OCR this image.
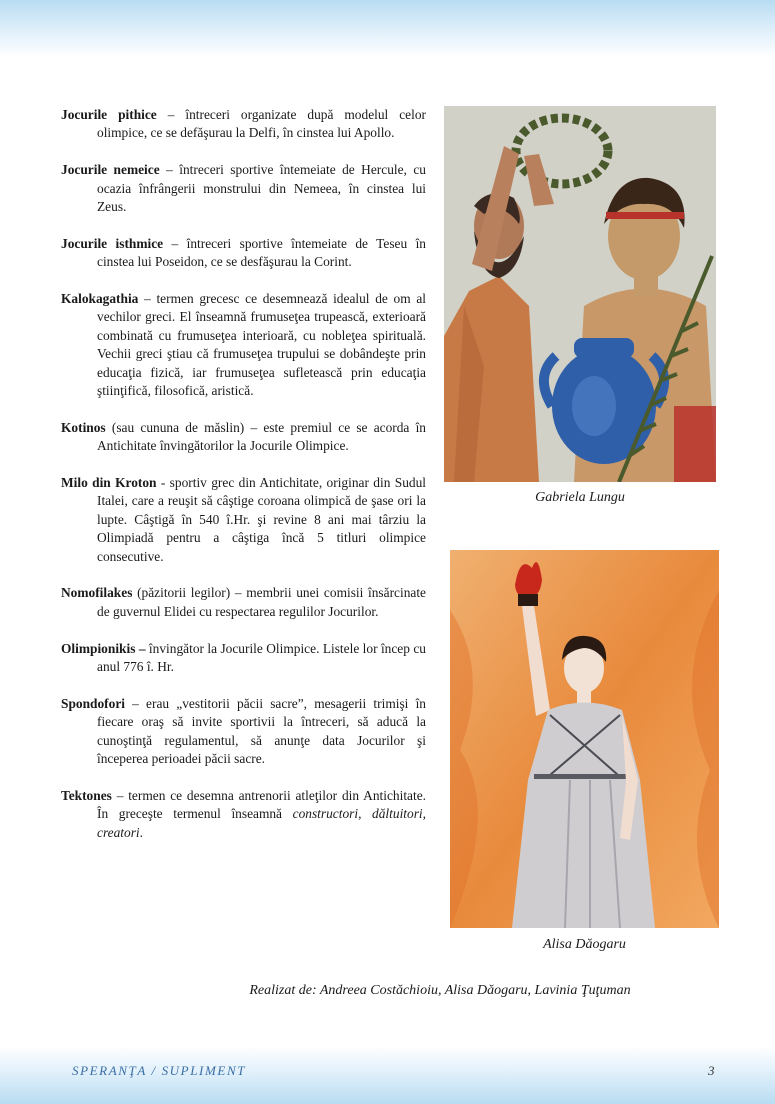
Jocurile pithice – întreceri organizate după modelul celor olimpice, ce se defăşurau la Delfi, în cinstea lui Apollo.

Jocurile nemeice – întreceri sportive întemeiate de Hercule, cu ocazia înfrângerii monstrului din Nemeea, în cinstea lui Zeus.

Jocurile isthmice – întreceri sportive întemeiate de Teseu în cinstea lui Poseidon, ce se desfăşurau la Corint.

Kalokagathia – termen grecesc ce desemnează idealul de om al vechilor greci. El înseamnă frumuseţea trupească, exterioară combinată cu frumuseţea interioară, cu nobleţea spirituală. Vechii greci ştiau că frumuseţea trupului se dobândeşte prin educaţia fizică, iar frumuseţea sufletească prin educaţia ştiinţifică, filosofică, aristică.

Kotinos (sau cununa de măslin) – este premiul ce se acorda în Antichitate învingătorilor la Jocurile Olimpice.

Milo din Kroton - sportiv grec din Antichitate, originar din Sudul Italei, care a reuşit să câştige coroana olimpică de şase ori la lupte. Câştigă în 540 î.Hr. şi revine 8 ani mai târziu la Olimpiadă pentru a câştiga încă 5 titluri olimpice consecutive.

Nomofilakes (păzitorii legilor) – membrii unei comisii însărcinate de guvernul Elidei cu respectarea regulilor Jocurilor.

Olimpionikis – învingător la Jocurile Olimpice. Listele lor încep cu anul 776 î. Hr.

Spondofori – erau „vestitorii păcii sacre”, mesagerii trimişi în fiecare oraş să invite sportivii la întreceri, să aducă la cunoştinţă regulamentul, să anunţe data Jocurilor şi începerea perioadei păcii sacre.

Tektones – termen ce desemna antrenorii atleţilor din Antichitate. În greceşte termenul înseamnă constructori, dăltuitori, creatori.

Gabriela Lungu
Alisa Dăogaru
Realizat de: Andreea Costăchioiu, Alisa Dăogaru, Lavinia Ţuţuman
SPERANŢA / SUPLIMENT	3
